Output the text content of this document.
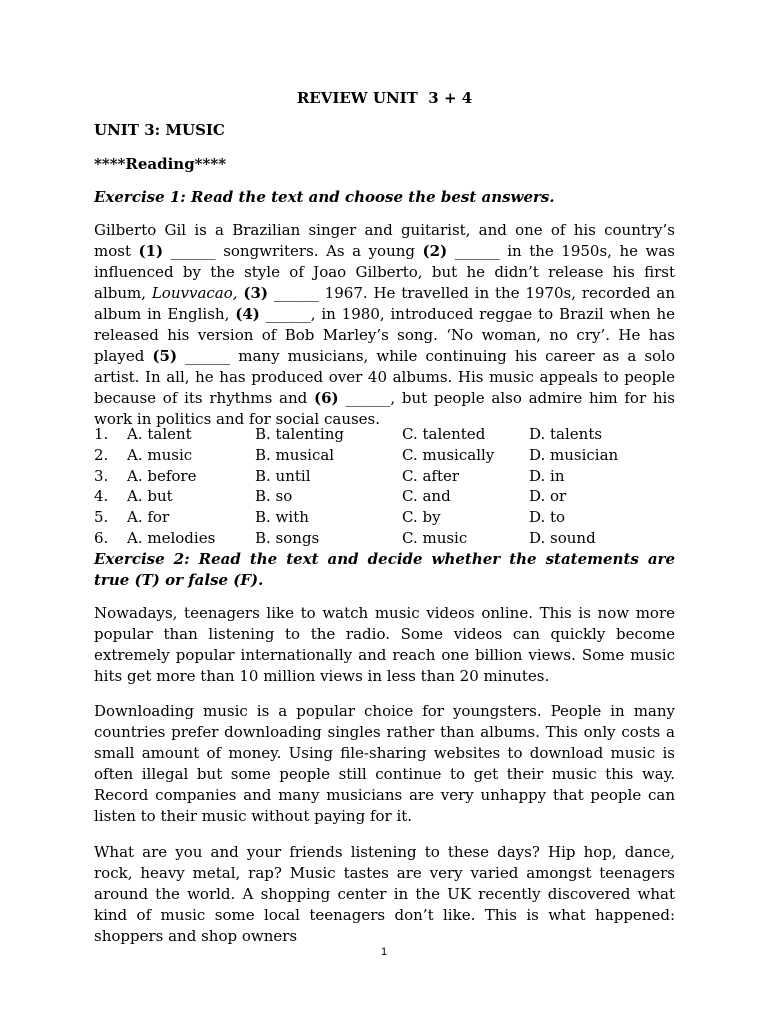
REVIEW UNIT  3 + 4
UNIT 3: MUSIC
****Reading****
Exercise 1: Read the text and choose the best answers.
Gilberto Gil is a Brazilian singer and guitarist, and one of his country’s most (1) ______ songwriters. As a young (2) ______ in the 1950s, he was influenced by the style of Joao Gilberto, but he didn’t release his first album, Louvvacao, (3) ______ 1967. He travelled in the 1970s, recorded an album in English, (4) ______, in 1980, introduced reggae to Brazil when he released his version of Bob Marley’s song. ‘No woman, no cry’. He has played (5) ______ many musicians, while continuing his career as a solo artist. In all, he has produced over 40 albums. His music appeals to people because of its rhythms and (6) ______, but people also admire him for his work in politics and for social causes.
1. A. talent	B. talenting	C. talented	D. talents
2. A. music	B. musical	C. musically D. musician
3. A. before	B. until	C. after	D. in
4. A. but	B. so	C. and	D. or
5. A. for	B. with	C. by	D. to
6. A. melodies	B. songs	C. music	D. sound
Exercise 2: Read the text and decide whether the statements are true (T) or false (F).
Nowadays, teenagers like to watch music videos online. This is now more popular than listening to the radio. Some videos can quickly become extremely popular internationally and reach one billion views. Some music hits get more than 10 million views in less than 20 minutes.
Downloading music is a popular choice for youngsters. People in many countries prefer downloading singles rather than albums. This only costs a small amount of money. Using file-sharing websites to download music is often illegal but some people still continue to get their music this way. Record companies and many musicians are very unhappy that people can listen to their music without paying for it.
What are you and your friends listening to these days? Hip hop, dance, rock, heavy metal, rap? Music tastes are very varied amongst teenagers around the world. A shopping center in the UK recently discovered what kind of music some local teenagers don’t like. This is what happened: shoppers and shop owners
1
